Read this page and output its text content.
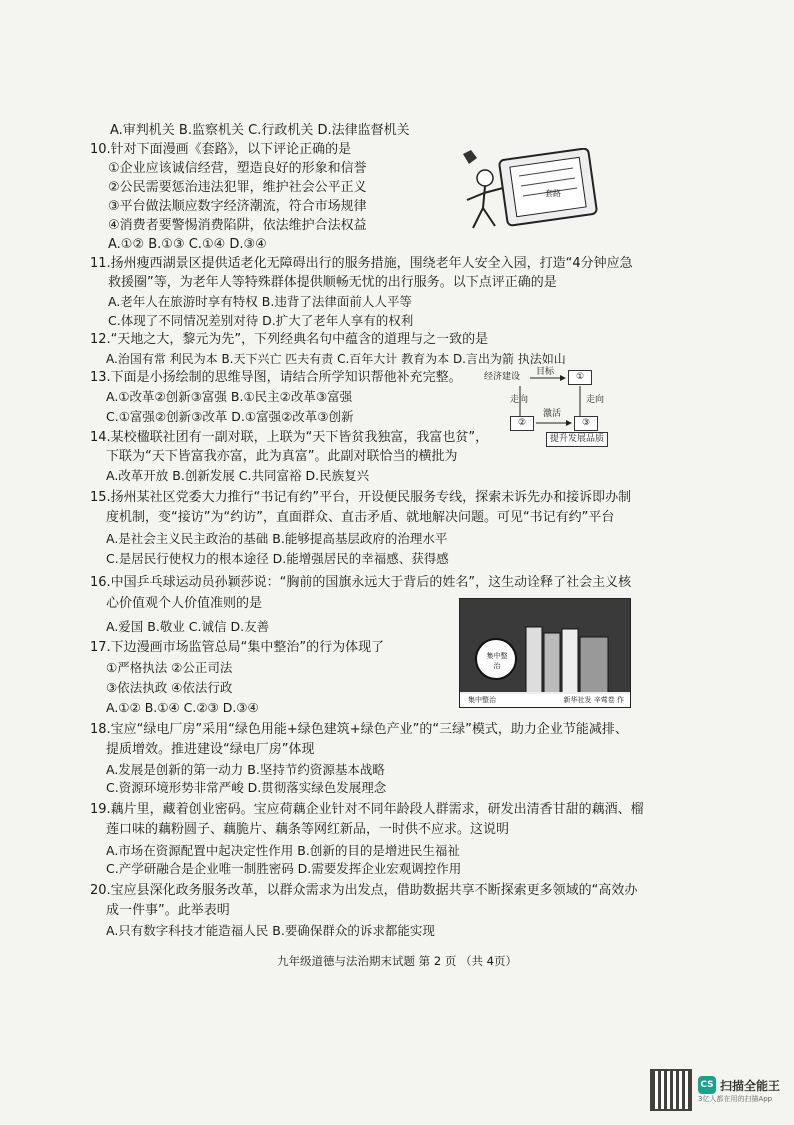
A.审判机关 B.监察机关 C.行政机关 D.法律监督机关
10.针对下面漫画《套路》，以下评论正确的是
①企业应该诚信经营，塑造良好的形象和信誉
②公民需要惩治违法犯罪，维护社会公平正义
③平台做法顺应数字经济潮流，符合市场规律
④消费者要警惕消费陷阱，依法维护合法权益
A.①② B.①③ C.①④ D.③④
11.扬州瘦西湖景区提供适老化无障碍出行的服务措施，围绕老年人安全入园，打造“4分钟应急
救援圈”等，为老年人等特殊群体提供顺畅无忧的出行服务。以下点评正确的是
A.老年人在旅游时享有特权 B.违背了法律面前人人平等
C.体现了不同情况差别对待 D.扩大了老年人享有的权利
12.“天地之大，黎元为先”，下列经典名句中蕴含的道理与之一致的是
A.治国有常 利民为本 B.天下兴亡 匹夫有责 C.百年大计 教育为本 D.言出为箭 执法如山
13.下面是小扬绘制的思维导图，请结合所学知识帮他补充完整。
A.①改革②创新③富强 B.①民主②改革③富强
C.①富强②创新③改革 D.①富强②改革③创新
14.某校楹联社团有一副对联，上联为“天下皆贫我独富，我富也贫”，
下联为“天下皆富我亦富，此为真富”。此副对联恰当的横批为
A.改革开放 B.创新发展 C.共同富裕 D.民族复兴
15.扬州某社区党委大力推行“书记有约”平台，开设便民服务专线，探索未诉先办和接诉即办制
度机制，变“接访”为“约访”，直面群众、直击矛盾、就地解决问题。可见“书记有约”平台
A.是社会主义民主政治的基础 B.能够提高基层政府的治理水平
C.是居民行使权力的根本途径 D.能增强居民的幸福感、获得感
16.中国乒乓球运动员孙颖莎说：“胸前的国旗永远大于背后的姓名”，这生动诠释了社会主义核
心价值观个人价值准则的是
A.爱国 B.敬业 C.诚信 D.友善
17.下边漫画市场监管总局“集中整治”的行为体现了
①严格执法 ②公正司法
③依法执政 ④依法行政
A.①② B.①④ C.②③ D.③④
18.宝应“绿电厂房”采用“绿色用能+绿色建筑+绿色产业”的“三绿”模式，助力企业节能减排、
提质增效。推进建设“绿电厂房”体现
A.发展是创新的第一动力 B.坚持节约资源基本战略
C.资源环境形势非常严峻 D.贯彻落实绿色发展理念
19.藕片里，藏着创业密码。宝应荷藕企业针对不同年龄段人群需求，研发出清香甘甜的藕酒、榴
莲口味的藕粉圆子、藕脆片、藕条等网红新品，一时供不应求。这说明
A.市场在资源配置中起决定性作用 B.创新的目的是增进民生福祉
C.产学研融合是企业唯一制胜密码 D.需要发挥企业宏观调控作用
20.宝应县深化政务服务改革，以群众需求为出发点，借助数据共享不断探索更多领域的“高效办
成一件事”。此举表明
A.只有数字科技才能造福人民 B.要确保群众的诉求都能实现
套路
经济建设	目标	①
②	③
走向	走向
激活
提升发展品质
集中整治
集中整治	新华社发 辛莺卷 作
九年级道德与法治期末试题 第 2 页 （共 4页）
CS 扫描全能王
3亿人都在用的扫描App
